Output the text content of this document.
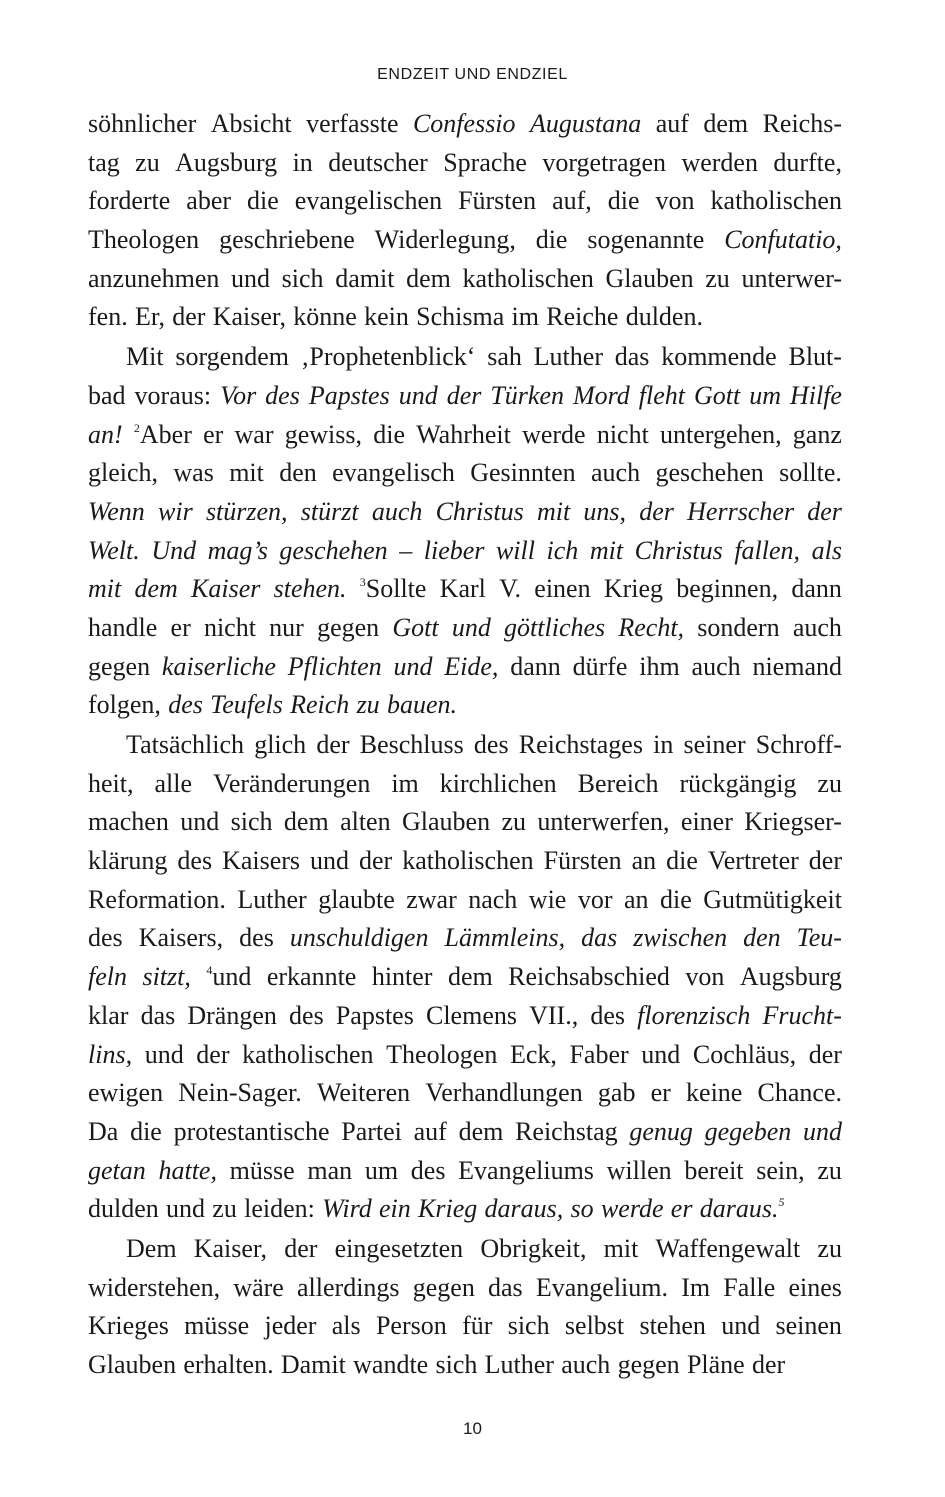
ENDZEIT UND ENDZIEL
söhnlicher Absicht verfasste Confessio Augustana auf dem Reichs-
tag zu Augsburg in deutscher Sprache vorgetragen werden durfte,
forderte aber die evangelischen Fürsten auf, die von katholischen
Theologen geschriebene Widerlegung, die sogenannte Confutatio,
anzunehmen und sich damit dem katholischen Glauben zu unterwer-
fen. Er, der Kaiser, könne kein Schisma im Reiche dulden.
Mit sorgendem ‚Prophetenblick‘ sah Luther das kommende Blut-
bad voraus: Vor des Papstes und der Türken Mord fleht Gott um Hilfe
an! $^2$Aber er war gewiss, die Wahrheit werde nicht untergehen, ganz
gleich, was mit den evangelisch Gesinnten auch geschehen sollte.
Wenn wir stürzen, stürzt auch Christus mit uns, der Herrscher der
Welt. Und mag’s geschehen – lieber will ich mit Christus fallen, als
mit dem Kaiser stehen. $^3$Sollte Karl V. einen Krieg beginnen, dann
handle er nicht nur gegen Gott und göttliches Recht, sondern auch
gegen kaiserliche Pflichten und Eide, dann dürfe ihm auch niemand
folgen, des Teufels Reich zu bauen.
Tatsächlich glich der Beschluss des Reichstages in seiner Schroff-
heit, alle Veränderungen im kirchlichen Bereich rückgängig zu
machen und sich dem alten Glauben zu unterwerfen, einer Kriegser-
klärung des Kaisers und der katholischen Fürsten an die Vertreter der
Reformation. Luther glaubte zwar nach wie vor an die Gutmütigkeit
des Kaisers, des unschuldigen Lämmleins, das zwischen den Teu-
feln sitzt, $^4$und erkannte hinter dem Reichsabschied von Augsburg
klar das Drängen des Papstes Clemens VII., des florenzisch Frucht-
lins, und der katholischen Theologen Eck, Faber und Cochläus, der
ewigen Nein-Sager. Weiteren Verhandlungen gab er keine Chance.
Da die protestantische Partei auf dem Reichstag genug gegeben und
getan hatte, müsse man um des Evangeliums willen bereit sein, zu
dulden und zu leiden: Wird ein Krieg daraus, so werde er daraus.$^5$
Dem Kaiser, der eingesetzten Obrigkeit, mit Waffengewalt zu
widerstehen, wäre allerdings gegen das Evangelium. Im Falle eines
Krieges müsse jeder als Person für sich selbst stehen und seinen
Glauben erhalten. Damit wandte sich Luther auch gegen Pläne der
10
